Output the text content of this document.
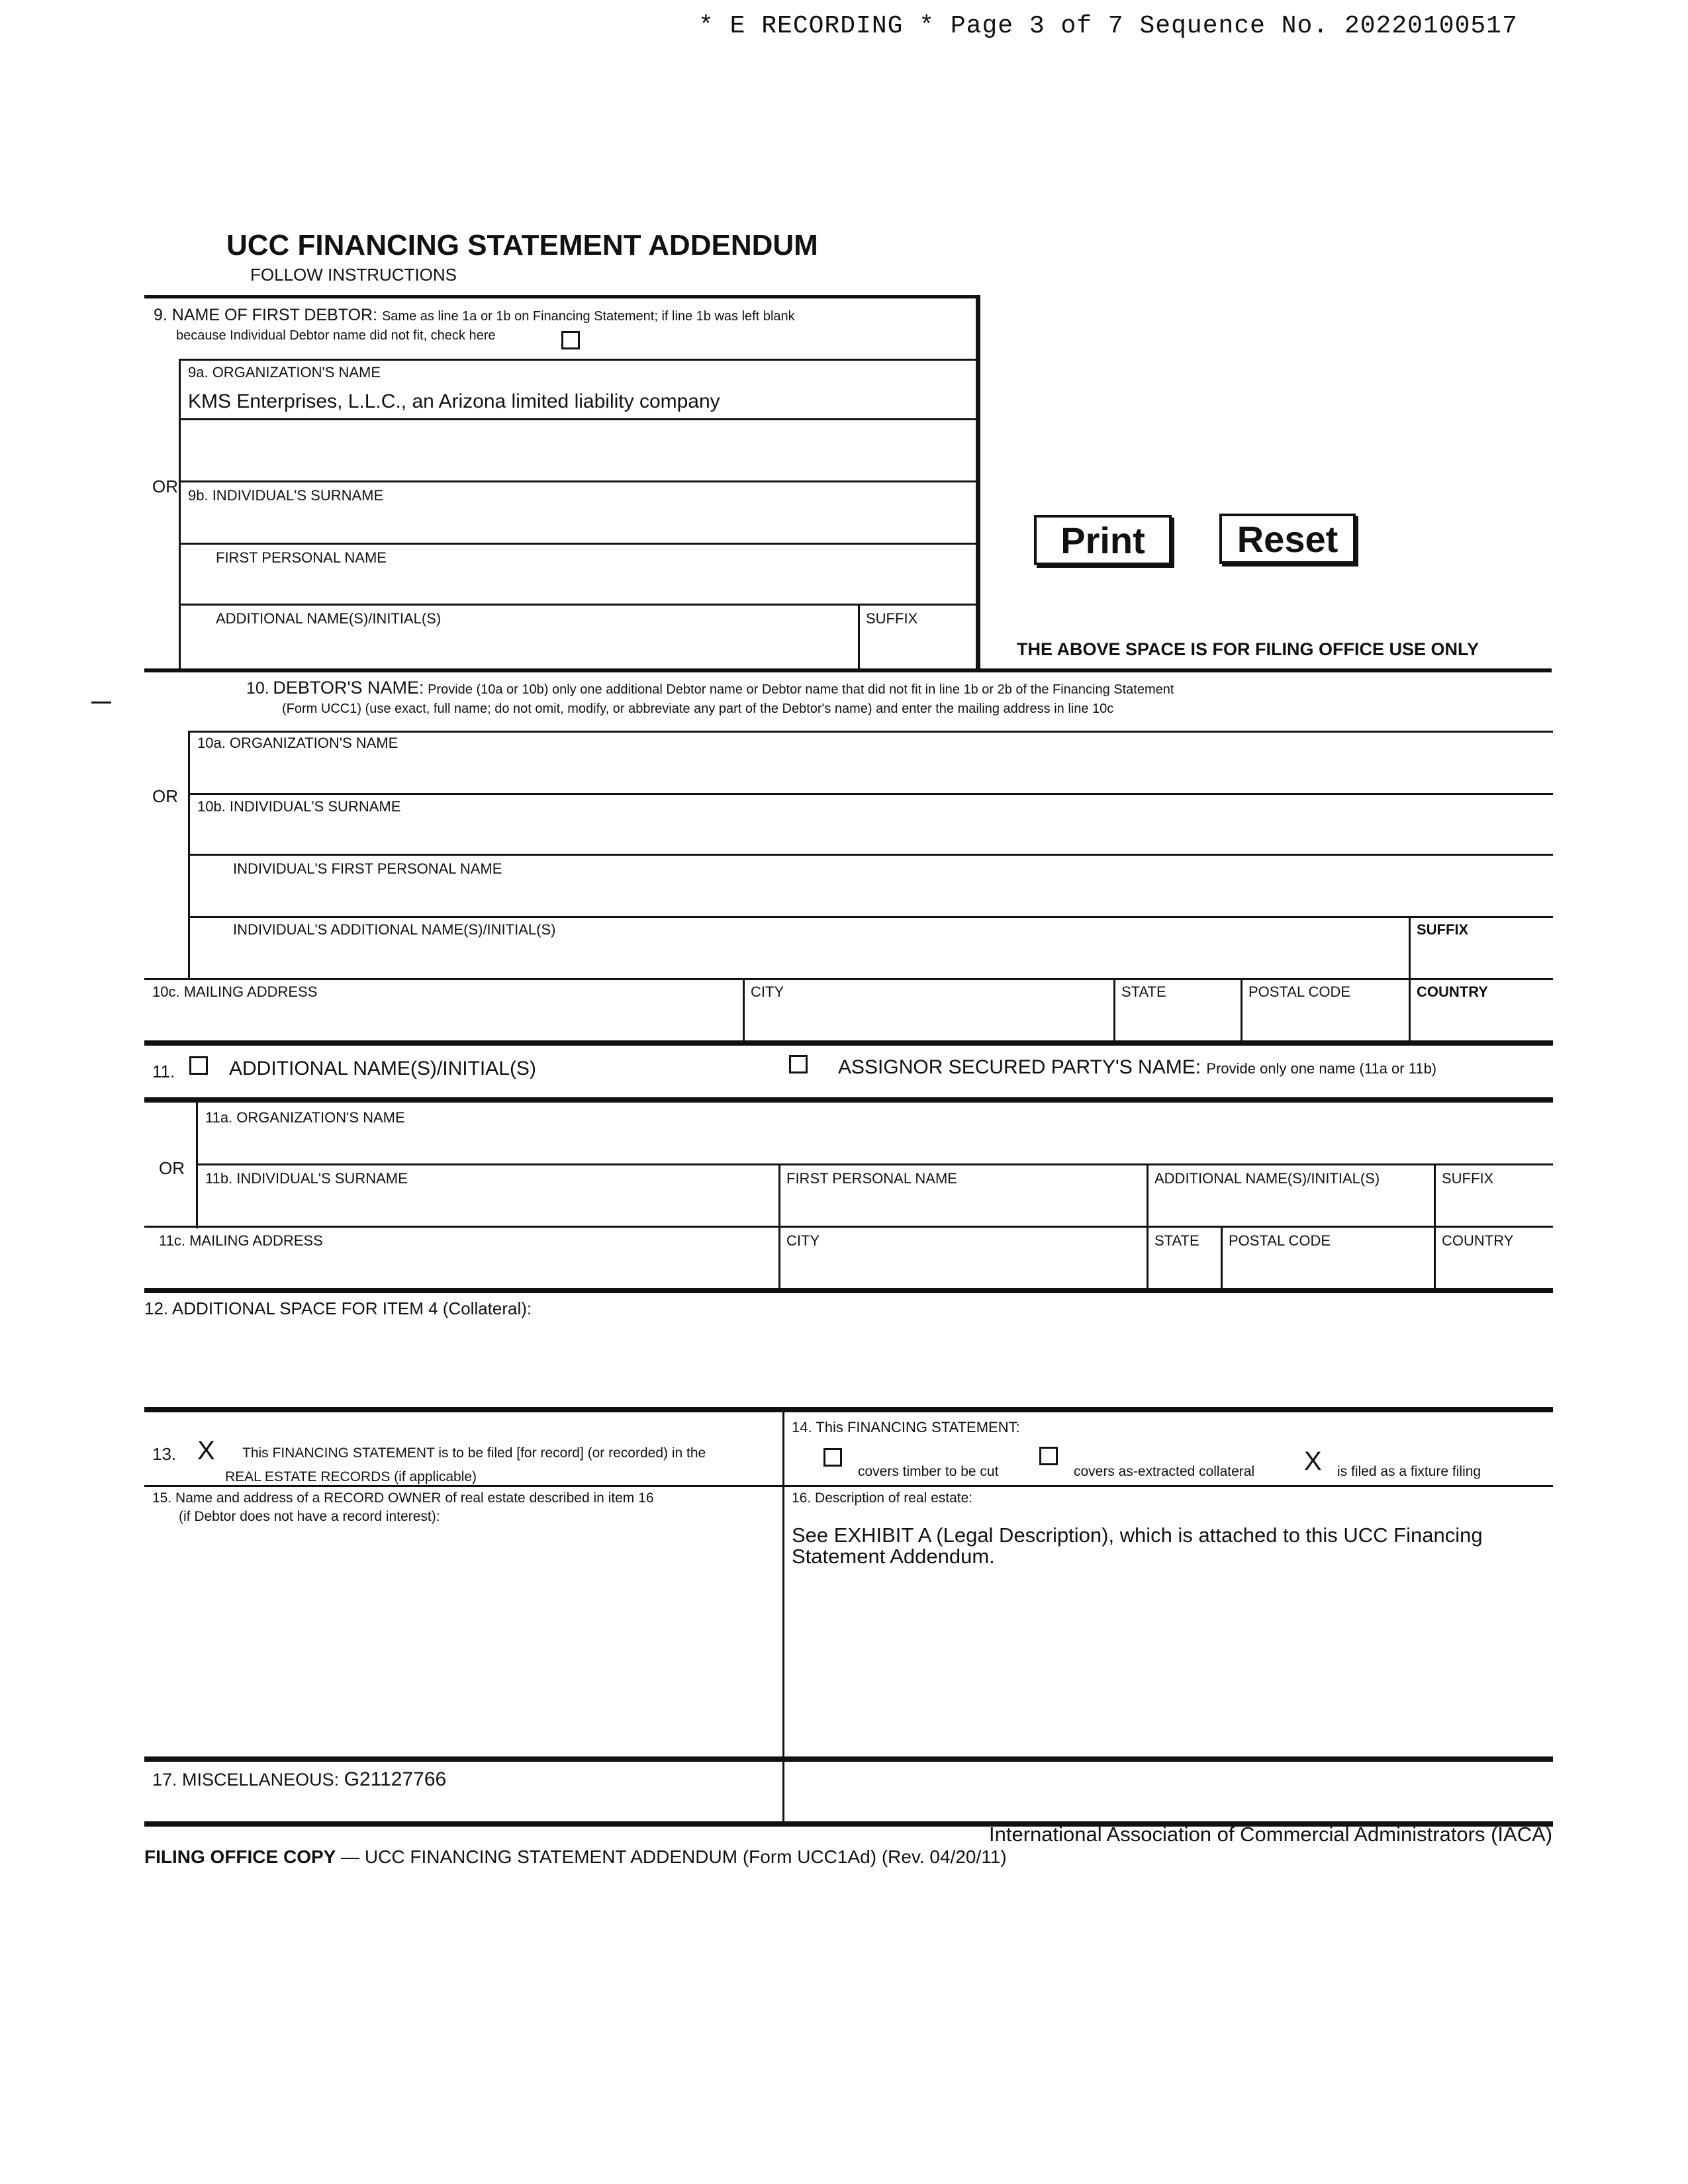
* E RECORDING * Page 3 of 7 Sequence No. 20220100517
UCC FINANCING STATEMENT ADDENDUM
FOLLOW INSTRUCTIONS
9. NAME OF FIRST DEBTOR: Same as line 1a or 1b on Financing Statement; if line 1b was left blank
because Individual Debtor name did not fit, check here
9a. ORGANIZATION'S NAME
KMS Enterprises, L.L.C., an Arizona limited liability company
OR 9b. INDIVIDUAL'S SURNAME
FIRST PERSONAL NAME
ADDITIONAL NAME(S)/INITIAL(S)	SUFFIX
Print	Reset
THE ABOVE SPACE IS FOR FILING OFFICE USE ONLY
10. DEBTOR'S NAME: Provide (10a or 10b) only one additional Debtor name or Debtor name that did not fit in line 1b or 2b of the Financing Statement
(Form UCC1) (use exact, full name; do not omit, modify, or abbreviate any part of the Debtor's name) and enter the mailing address in line 10c
10a. ORGANIZATION'S NAME
OR
10b. INDIVIDUAL'S SURNAME
INDIVIDUAL'S FIRST PERSONAL NAME
INDIVIDUAL'S ADDITIONAL NAME(S)/INITIAL(S)	SUFFIX
10c. MAILING ADDRESS	CITY	STATE	POSTAL CODE	COUNTRY
11.	ADDITIONAL NAME(S)/INITIAL(S)	ASSIGNOR SECURED PARTY'S NAME: Provide only one name (11a or 11b)
11a. ORGANIZATION'S NAME
OR
11b. INDIVIDUAL'S SURNAME	FIRST PERSONAL NAME	ADDITIONAL NAME(S)/INITIAL(S)	SUFFIX
11c. MAILING ADDRESS	CITY	STATE POSTAL CODE	COUNTRY
12. ADDITIONAL SPACE FOR ITEM 4 (Collateral):
13. X This FINANCING STATEMENT is to be filed [for record] (or recorded) in the
REAL ESTATE RECORDS (if applicable)
14. This FINANCING STATEMENT:
covers timber to be cut	covers as-extracted collateral X is filed as a fixture filing
15. Name and address of a RECORD OWNER of real estate described in item 16
(if Debtor does not have a record interest):
16. Description of real estate:
See EXHIBIT A (Legal Description), which is attached to this UCC Financing
Statement Addendum.
17. MISCELLANEOUS: G21127766
International Association of Commercial Administrators (IACA)
FILING OFFICE COPY — UCC FINANCING STATEMENT ADDENDUM (Form UCC1Ad) (Rev. 04/20/11)
